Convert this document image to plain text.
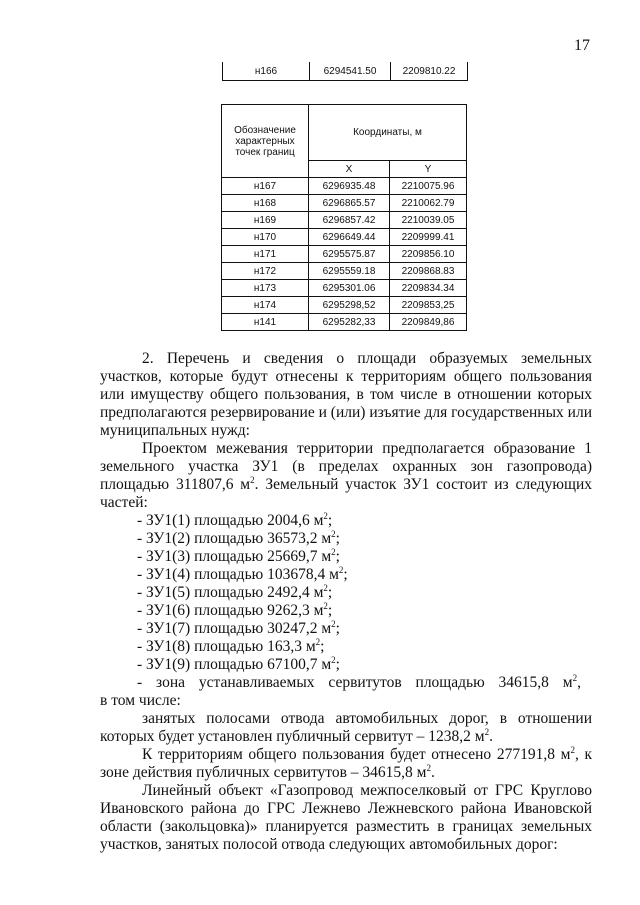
17
н166	6294541.50	2209810.22
Обозначение характерных точек границ	Координаты, м	
	X	Y
н167	6296935.48	2210075.96
н168	6296865.57	2210062.79
н169	6296857.42	2210039.05
н170	6296649.44	2209999.41
н171	6295575.87	2209856.10
н172	6295559.18	2209868.83
н173	6295301.06	2209834.34
н174	6295298,52	2209853,25
н141	6295282,33	2209849,86

2. Перечень и сведения о площади образуемых земельных участков, которые будут отнесены к территориям общего пользования или имуществу общего пользования, в том числе в отношении которых предполагаются резервирование и (или) изъятие для государственных или муниципальных нужд:

Проектом межевания территории предполагается образование 1 земельного участка ЗУ1 (в пределах охранных зон газопровода) площадью 311807,6 $м^2$. Земельный участок ЗУ1 состоит из следующих частей:

- ЗУ1(1) площадью 2004,6 $м^2$;

- ЗУ1(2) площадью 36573,2 $м^2$;

- ЗУ1(3) площадью 25669,7 $м^2$;

- ЗУ1(4) площадью 103678,4 $м^2$;

- ЗУ1(5) площадью 2492,4 $м^2$;

- ЗУ1(6) площадью 9262,3 $м^2$;

- ЗУ1(7) площадью 30247,2 $м^2$;

- ЗУ1(8) площадью 163,3 $м^2$;

- ЗУ1(9) площадью 67100,7 $м^2$;

- зона устанавливаемых сервитутов площадью 34615,8 $м^2$,

в том числе:

занятых полосами отвода автомобильных дорог, в отношении которых будет установлен публичный сервитут – 1238,2 $м^2$.

К территориям общего пользования будет отнесено 277191,8 $м^2$, к зоне действия публичных сервитутов – 34615,8 $м^2$.

Линейный объект «Газопровод межпоселковый от ГРС Круглово Ивановского района до ГРС Лежнево Лежневского района Ивановской области (закольцовка)» планируется разместить в границах земельных участков, занятых полосой отвода следующих автомобильных дорог:
